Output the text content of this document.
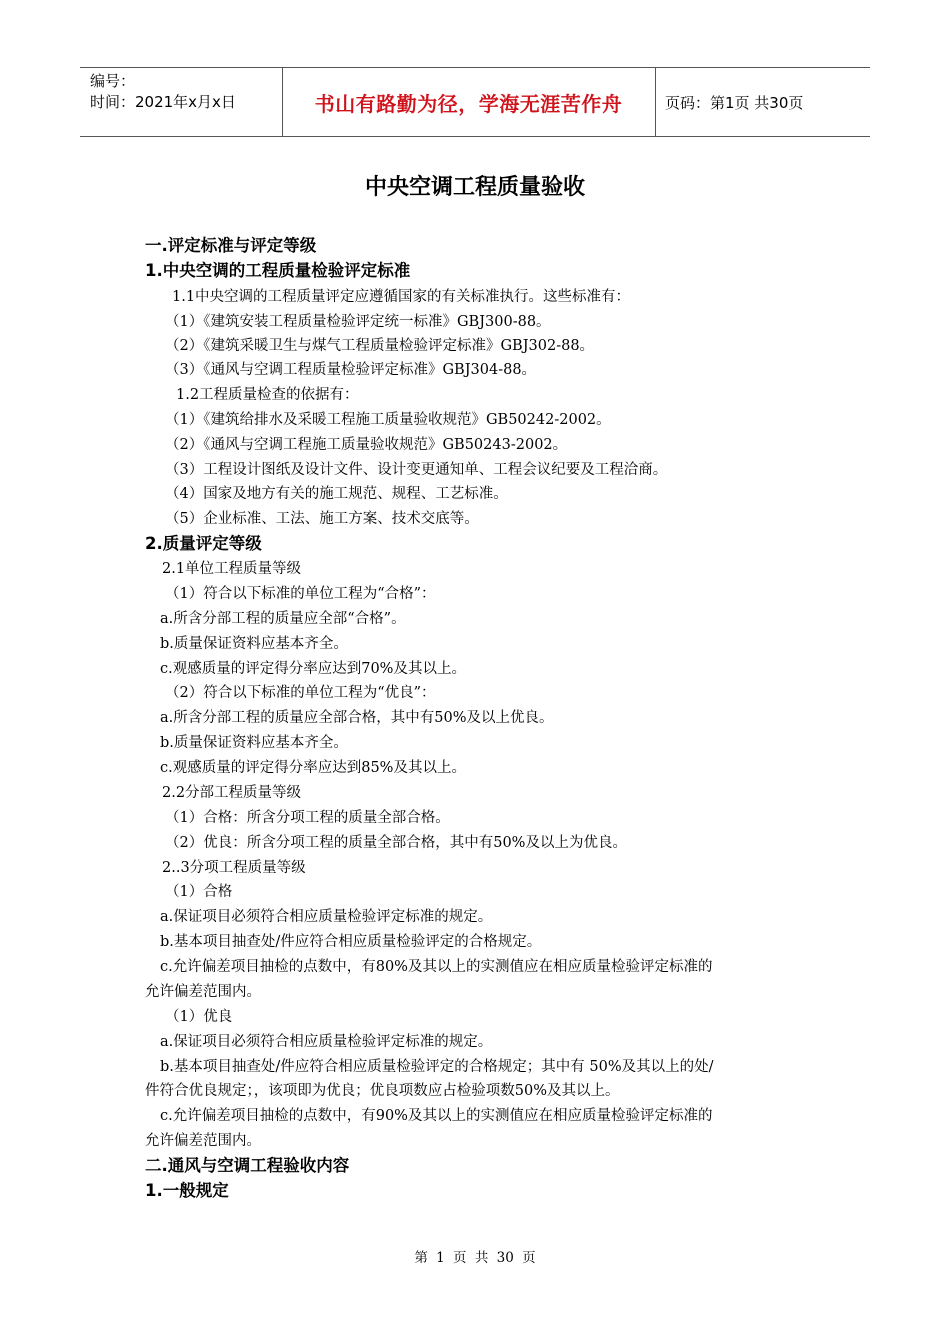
编号：
时间：2021年x月x日	书山有路勤为径，学海无涯苦作舟	页码：第1页 共30页
中央空调工程质量验收
一.评定标准与评定等级
1.中央空调的工程质量检验评定标准
1.1中央空调的工程质量评定应遵循国家的有关标准执行。这些标准有：
（1）《建筑安装工程质量检验评定统一标准》GBJ300-88。
（2）《建筑采暖卫生与煤气工程质量检验评定标准》GBJ302-88。
（3）《通风与空调工程质量检验评定标准》GBJ304-88。
1.2工程质量检查的依据有：
（1）《建筑给排水及采暖工程施工质量验收规范》GB50242-2002。
（2）《通风与空调工程施工质量验收规范》GB50243-2002。
（3）工程设计图纸及设计文件、设计变更通知单、工程会议纪要及工程洽商。
（4）国家及地方有关的施工规范、规程、工艺标准。
（5）企业标准、工法、施工方案、技术交底等。
2.质量评定等级
2.1单位工程质量等级
（1）符合以下标准的单位工程为“合格”：
a.所含分部工程的质量应全部“合格”。
b.质量保证资料应基本齐全。
c.观感质量的评定得分率应达到70%及其以上。
（2）符合以下标准的单位工程为“优良”：
a.所含分部工程的质量应全部合格，其中有50%及以上优良。
b.质量保证资料应基本齐全。
c.观感质量的评定得分率应达到85%及其以上。
2.2分部工程质量等级
（1）合格：所含分项工程的质量全部合格。
（2）优良：所含分项工程的质量全部合格，其中有50%及以上为优良。
2..3分项工程质量等级
（1）合格
a.保证项目必须符合相应质量检验评定标准的规定。
b.基本项目抽查处/件应符合相应质量检验评定的合格规定。
c.允许偏差项目抽检的点数中，有80%及其以上的实测值应在相应质量检验评定标准的
允许偏差范围内。
（1）优良
a.保证项目必须符合相应质量检验评定标准的规定。
b.基本项目抽查处/件应符合相应质量检验评定的合格规定；其中有 50%及其以上的处/
件符合优良规定；，该项即为优良；优良项数应占检验项数50%及其以上。
c.允许偏差项目抽检的点数中，有90%及其以上的实测值应在相应质量检验评定标准的
允许偏差范围内。
二.通风与空调工程验收内容
1.一般规定
第 1 页 共 30 页
